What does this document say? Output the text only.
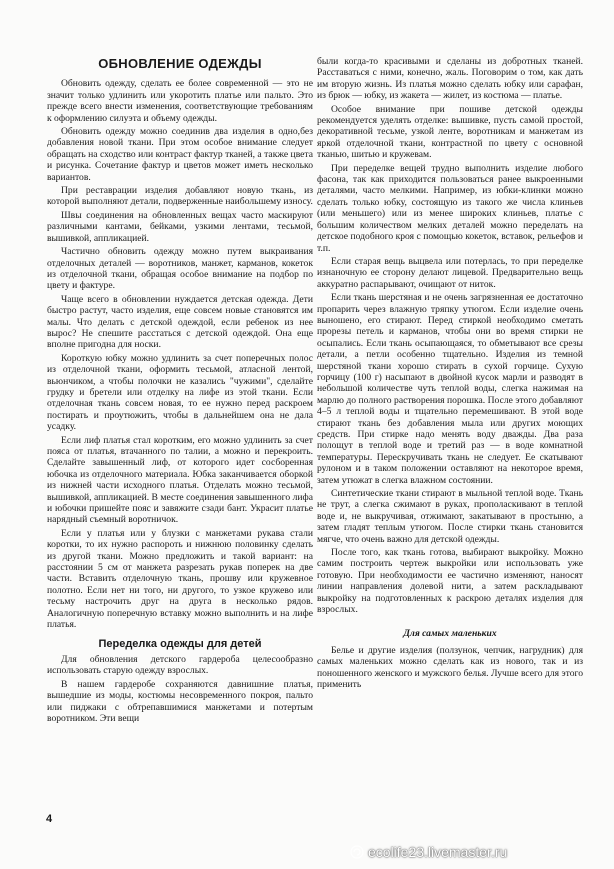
ОБНОВЛЕНИЕ ОДЕЖДЫ

Обновить одежду, сделать ее более современной — это не значит только удлинить или укоротить платье или пальто. Это прежде всего внести изменения, соответствующие требованиям к оформлению силуэта и объему одежды.

Обновить одежду можно соединив два изделия в одно,без добавления новой ткани. При этом особое внимание следует обращать на сходство или контраст фактур тканей, а также цвета и рисунка. Сочетание фактур и цветов может иметь несколько вариантов.

При реставрации изделия добавляют новую ткань, из которой выполняют детали, подверженные наибольшему износу.

Швы соединения на обновленных вещах часто маскируют различными кантами, бейками, узкими лентами, тесьмой, вышивкой, аппликацией.

Частично обновить одежду можно путем выкраивания отделочных деталей — воротников, манжет, карманов, кокеток из отделочной ткани, обращая особое внимание на подбор по цвету и фактуре.

Чаще всего в обновлении нуждается детская одежда. Дети быстро растут, часто изделия, еще совсем новые становятся им малы. Что делать с детской одеждой, если ребенок из нее вырос? Не спешите расстаться с детской одеждой. Она еще вполне пригодна для носки.

Короткую юбку можно удлинить за счет поперечных полос из отделочной ткани, оформить тесьмой, атласной лентой, вьюнчиком, а чтобы полочки не казались "чужими", сделайте грудку и бретели или отделку на лифе из этой ткани. Если отделочная ткань совсем новая, то ее нужно перед раскроем постирать и проутюжить, чтобы в дальнейшем она не дала усадку.

Если лиф платья стал коротким, его можно удлинить за счет пояса от платья, втачанного по талии, а можно и перекроить. Сделайте завышенный лиф, от которого идет сосборенная юбочка из отделочного материала. Юбка заканчивается оборкой из нижней части исходного платья. Отделать можно тесьмой, вышивкой, аппликацией. В месте соединения завышенного лифа и юбочки пришейте пояс и завяжите сзади бант. Украсит платье нарядный съемный воротничок.

Если у платья или у блузки с манжетами рукава стали коротки, то их нужно распороть и нижнюю половинку сделать из другой ткани. Можно предложить и такой вариант: на расстоянии 5 см от манжета разрезать рукав поперек на две части. Вставить отделочную ткань, прошву или кружевное полотно. Если нет ни того, ни другого, то узкое кружево или тесьму настрочить друг на друга в несколько рядов. Аналогичную поперечную вставку можно выполнить и на лифе платья.

Переделка одежды для детей

Для обновления детского гардероба целесообразно использовать старую одежду взрослых.

В нашем гардеробе сохраняются давнишние платья, вышедшие из моды, костюмы несовременного покроя, пальто или пиджаки с обтрепавшимися манжетами и потертым воротником. Эти вещи

были когда-то красивыми и сделаны из добротных тканей. Расставаться с ними, конечно, жаль. Поговорим о том, как дать им вторую жизнь. Из платья можно сделать юбку или сарафан, из брюк — юбку, из жакета — жилет, из костюма — платье.

Особое внимание при пошиве детской одежды рекомендуется уделять отделке: вышивке, пусть самой простой, декоративной тесьме, узкой ленте, воротникам и манжетам из яркой отделочной ткани, контрастной по цвету с основной тканью, шитью и кружевам.

При переделке вещей трудно выполнить изделие любого фасона, так как приходится пользоваться ранее выкроенными деталями, часто мелкими. Например, из юбки-клинки можно сделать только юбку, состоящую из такого же числа клиньев (или меньшего) или из менее широких клиньев, платье с большим количеством мелких деталей можно переделать на детское подобного кроя с помощью кокеток, вставок, рельефов и т.п.

Если старая вещь выцвела или потерлась, то при переделке изнаночную ее сторону делают лицевой. Предварительно вещь аккуратно распарывают, очищают от ниток.

Если ткань шерстяная и не очень загрязненная ее достаточно пропарить через влажную тряпку утюгом. Если изделие очень выношено, его стирают. Перед стиркой необходимо сметать прорезы петель и карманов, чтобы они во время стирки не осыпались. Если ткань осыпающаяся, то обметывают все срезы детали, а петли особенно тщательно. Изделия из темной шерстяной ткани хорошо стирать в сухой горчице. Сухую горчицу (100 г) насыпают в двойной кусок марли и разводят в небольшой количестве чуть теплой воды, слегка нажимая на марлю до полного растворения порошка. После этого добавляют 4–5 л теплой воды и тщательно перемешивают. В этой воде стирают ткань без добавления мыла или других моющих средств. При стирке надо менять воду дважды. Два раза полощут в теплой воде и третий раз — в воде комнатной температуры. Перескручивать ткань не следует. Ее скатывают рулоном и в таком положении оставляют на некоторое время, затем утюжат в слегка влажном состоянии.

Синтетические ткани стирают в мыльной теплой воде. Ткань не трут, а слегка сжимают в руках, прополаскивают в теплой воде и, не выкручивая, отжимают, закатывают в простыню, а затем гладят теплым утюгом. После стирки ткань становится мягче, что очень важно для детской одежды.

После того, как ткань готова, выбирают выкройку. Можно самим построить чертеж выкройки или использовать уже готовую. При необходимости ее частично изменяют, наносят линии направления долевой нити, а затем раскладывают выкройку на подготовленных к раскрою деталях изделия для взрослых.

Для самых маленьких

Белье и другие изделия (ползунок, чепчик, нагрудник) для самых маленьких можно сделать как из нового, так и из поношенного женского и мужского белья. Лучше всего для этого применить

4
ecolife23.livemaster.ru
